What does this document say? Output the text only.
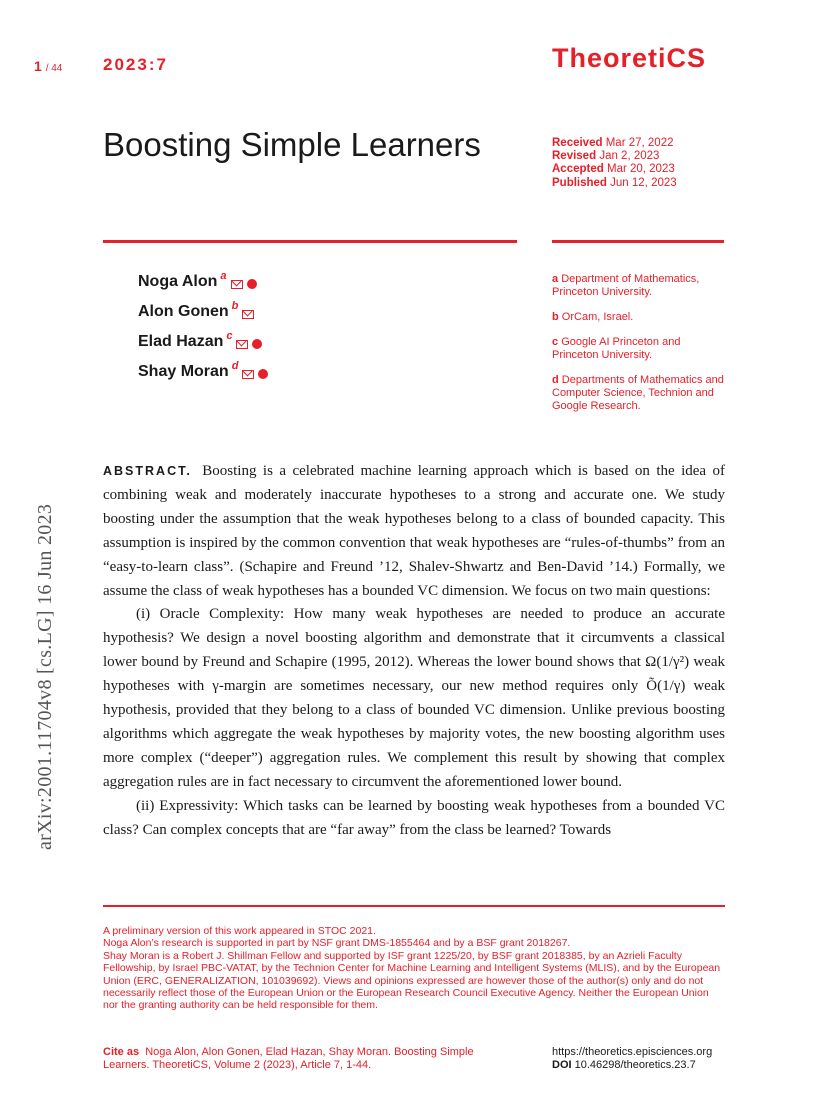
1 / 44 2023:7	TheoretiCS
Boosting Simple Learners	Received Mar 27, 2022
Revised Jan 2, 2023
Accepted Mar 20, 2023
Published Jun 12, 2023
Noga Alon $^a$
Alon Gonen $^b$
Elad Hazan $^c$
Shay Moran $^d$
a Department of Mathematics, Princeton University.
b OrCam, Israel.
c Google AI Princeton and Princeton University.
d Departments of Mathematics and Computer Science, Technion and Google Research.
arXiv:2001.11704v8 [cs.LG] 16 Jun 2023

ABSTRACT. Boosting is a celebrated machine learning approach which is based on the idea of combining weak and moderately inaccurate hypotheses to a strong and accurate one. We study boosting under the assumption that the weak hypotheses belong to a class of bounded capacity. This assumption is inspired by the common convention that weak hypotheses are “rules-of-thumbs” from an “easy-to-learn class”. (Schapire and Freund ’12, Shalev-Shwartz and Ben-David ’14.) Formally, we assume the class of weak hypotheses has a bounded VC dimension. We focus on two main questions:

(i) Oracle Complexity: How many weak hypotheses are needed to produce an accurate hypothesis? We design a novel boosting algorithm and demonstrate that it circumvents a classical lower bound by Freund and Schapire (1995, 2012). Whereas the lower bound shows that Ω(1/γ²) weak hypotheses with γ-margin are sometimes necessary, our new method requires only Õ(1/γ) weak hypothesis, provided that they belong to a class of bounded VC dimension. Unlike previous boosting algorithms which aggregate the weak hypotheses by majority votes, the new boosting algorithm uses more complex (“deeper”) aggregation rules. We complement this result by showing that complex aggregation rules are in fact necessary to circumvent the aforementioned lower bound.

(ii) Expressivity: Which tasks can be learned by boosting weak hypotheses from a bounded VC class? Can complex concepts that are “far away” from the class be learned? Towards

A preliminary version of this work appeared in STOC 2021.

Noga Alon’s research is supported in part by NSF grant DMS-1855464 and by a BSF grant 2018267.

Shay Moran is a Robert J. Shillman Fellow and supported by ISF grant 1225/20, by BSF grant 2018385, by an Azrieli Faculty Fellowship, by Israel PBC-VATAT, by the Technion Center for Machine Learning and Intelligent Systems (MLIS), and by the European Union (ERC, GENERALIZATION, 101039692). Views and opinions expressed are however those of the author(s) only and do not necessarily reflect those of the European Union or the European Research Council Executive Agency. Neither the European Union nor the granting authority can be held responsible for them.

Cite as Noga Alon, Alon Gonen, Elad Hazan, Shay Moran. Boosting Simple Learners. TheoretiCS, Volume 2 (2023), Article 7, 1-44.
https://theoretics.episciences.org
DOI 10.46298/theoretics.23.7
